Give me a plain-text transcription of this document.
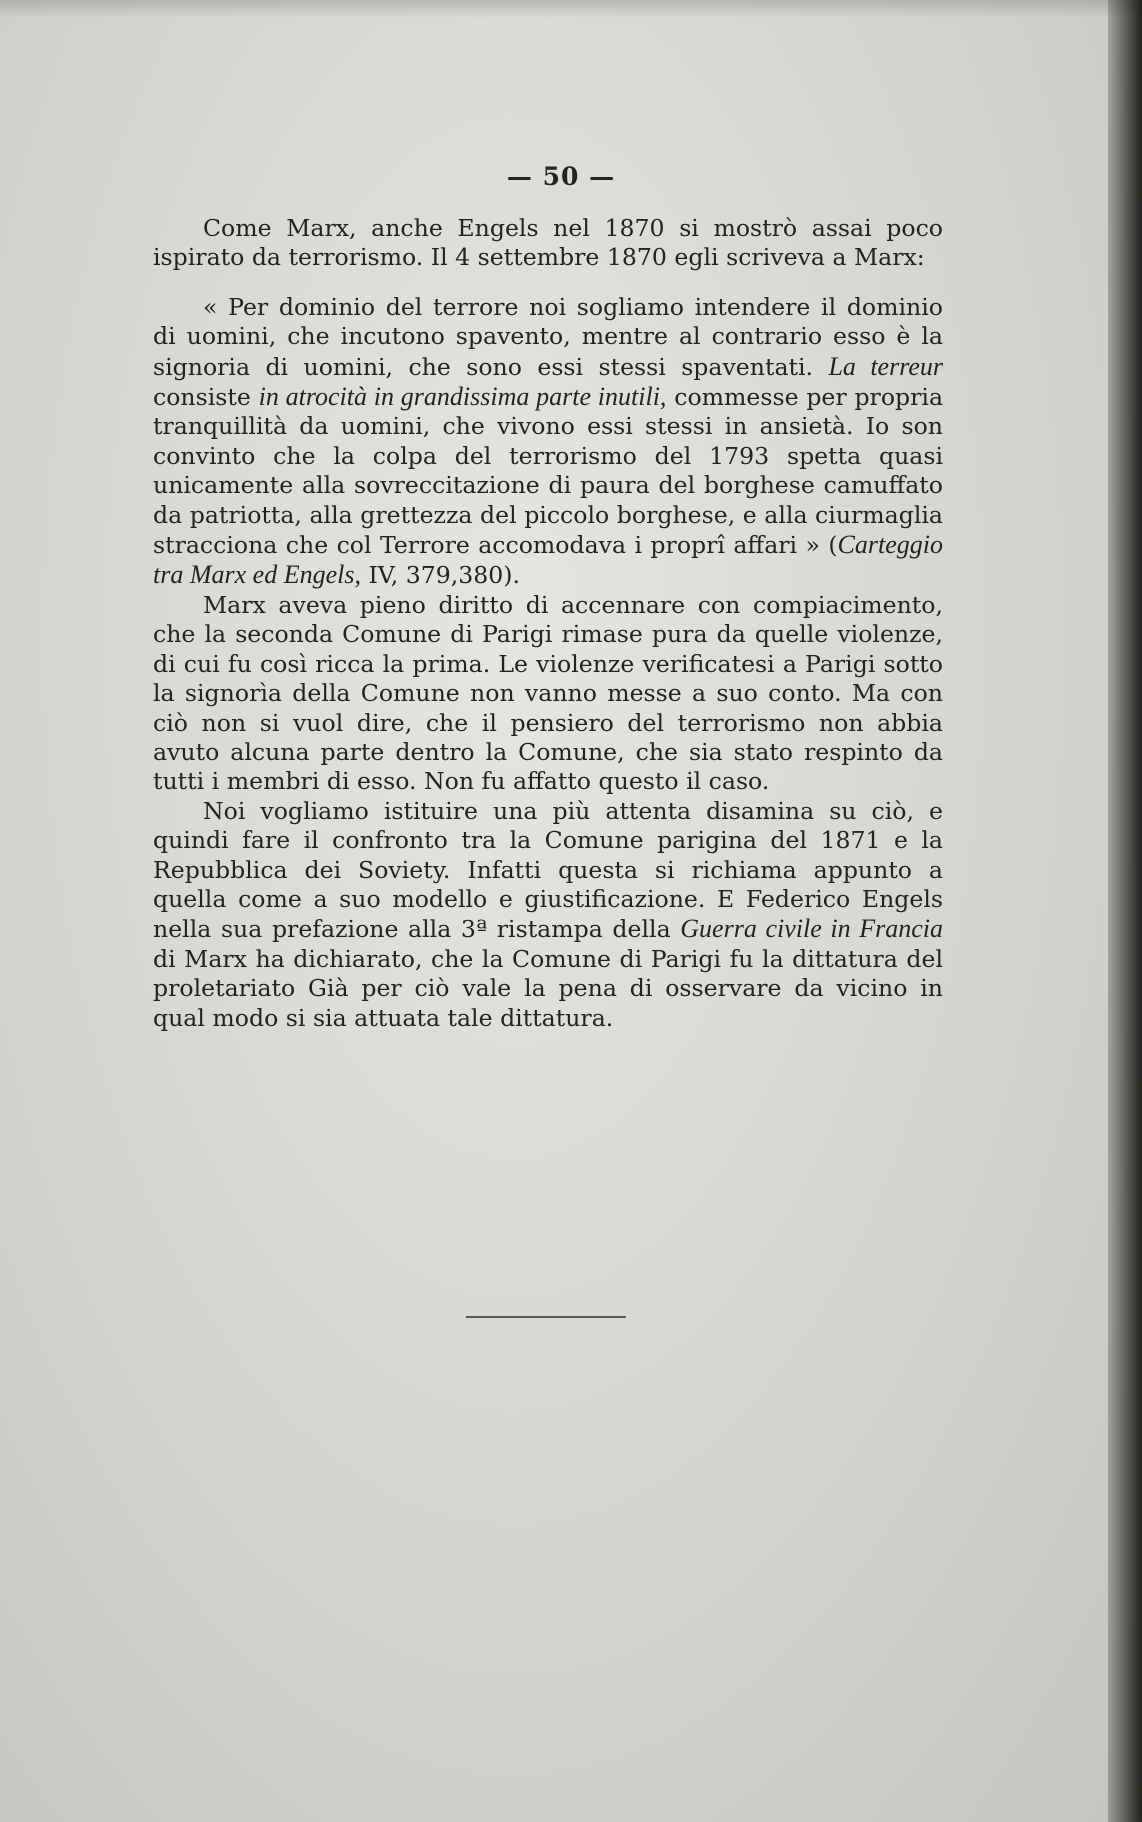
— 50 —

Come Marx, anche Engels nel 1870 si mostrò assai poco ispirato da terrorismo. Il 4 settembre 1870 egli scriveva a Marx:

« Per dominio del terrore noi sogliamo intendere il dominio di uomini, che incutono spavento, mentre al contrario esso è la signoria di uomini, che sono essi stessi spaventati. La terreur consiste in atrocità in grandissima parte inutili, commesse per propria tranquillità da uomini, che vivono essi stessi in ansietà. Io son convinto che la colpa del terrorismo del 1793 spetta quasi unicamente alla sovreccitazione di paura del borghese camuffato da patriotta, alla grettezza del piccolo borghese, e alla ciurmaglia stracciona che col Terrore accomodava i proprî affari » (Carteggio tra Marx ed Engels, IV, 379,380).

Marx aveva pieno diritto di accennare con compiacimento, che la seconda Comune di Parigi rimase pura da quelle violenze, di cui fu così ricca la prima. Le violenze verificatesi a Parigi sotto la signorìa della Comune non vanno messe a suo conto. Ma con ciò non si vuol dire, che il pensiero del terrorismo non abbia avuto alcuna parte dentro la Comune, che sia stato respinto da tutti i membri di esso. Non fu affatto questo il caso.

Noi vogliamo istituire una più attenta disamina su ciò, e quindi fare il confronto tra la Comune parigina del 1871 e la Repubblica dei Soviety. Infatti questa si richiama appunto a quella come a suo modello e giustificazione. E Federico Engels nella sua prefazione alla 3ª ristampa della Guerra civile in Francia di Marx ha dichiarato, che la Comune di Parigi fu la dittatura del proletariato Già per ciò vale la pena di osservare da vicino in qual modo si sia attuata tale dittatura.
